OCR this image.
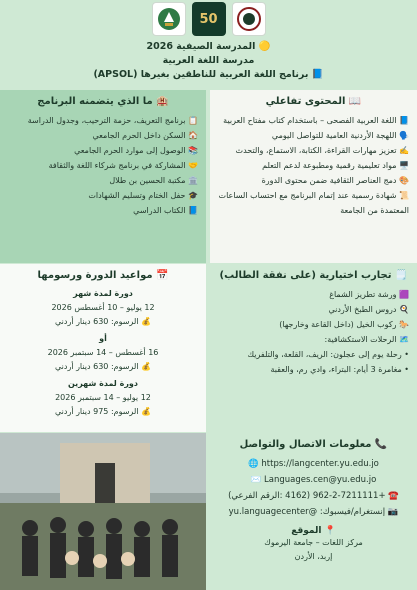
50
🟡 المدرسة الصيفية 2026
مدرسة اللغة العربية
📘 برنامج اللغة العربية للناطقين بغيرها (APSOL)
🏨 ما الذي يتضمنه البرنامج
📋 برنامج التعريف، حزمة الترحيب، وجدول الدراسة
🏠 السكن داخل الحرم الجامعي
📚 الوصول إلى موارد الحرم الجامعي
🤝 المشاركة في برنامج شركاء اللغة والثقافة
🏛️ مكتبة الحسين بن طلال
🎓 حفل الختام وتسليم الشهادات
📘 الكتاب الدراسي
📖 المحتوى تفاعلي
📘 اللغة العربية الفصحى – باستخدام كتاب مفتاح العربية
🗣️ اللهجة الأردنية العامية للتواصل اليومي
✍️ تعزيز مهارات القراءة، الكتابة، الاستماع، والتحدث
🖥️ مواد تعليمية رقمية ومطبوعة لدعم التعلم
🎨 دمج العناصر الثقافية ضمن محتوى الدورة
📜 شهادة رسمية عند إتمام البرنامج مع احتساب الساعات المعتمدة من الجامعة
📅 مواعيد الدورة ورسومها
دورة لمدة شهر
12 يوليو – 10 أغسطس 2026
💰 الرسوم: 630 دينار أردني
أو
16 أغسطس – 14 سبتمبر 2026
💰 الرسوم: 630 دينار أردني
دورة لمدة شهرين
12 يوليو – 14 سبتمبر 2026
💰 الرسوم: 975 دينار أردني
🗒️ تجارب اختيارية (على نفقة الطالب)
🟪 ورشة تطريز الشماغ
🍳 دروس الطبخ الأردني
🐎 ركوب الخيل (داخل القاعة وخارجها)
🗺️ الرحلات الاستكشافية:
• رحلة يوم إلى عجلون: الريف، القلعة، والتلفريك
• مغامرة 3 أيام: البتراء، وادي رم، والعقبة
📞 معلومات الاتصال والتواصل
🌐 https://langcenter.yu.edu.jo
✉️ Languages.cen@yu.edu.jo
☎️ +962-2-7211111 (4162 :الرقم الفرعي)
📷 إنستغرام/فيسبوك: @yu.languagecenter
📍 الموقع
مركز اللغات – جامعة اليرموك
إربد، الأردن
